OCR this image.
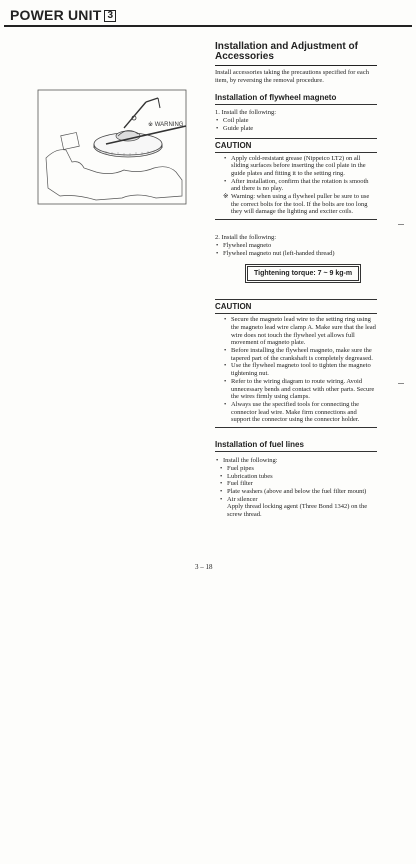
POWER UNIT 3
※ WARNING
Installation and Adjustment of Accessories

Install accessories taking the precautions specified for each item, by reversing the removal procedure.

Installation of flywheel magneto

1. Install the following:

• Coil plate
• Guide plate
CAUTION
• Apply cold-resistant grease (Nippeico LT2) on all sliding surfaces before inserting the coil plate in the guide plates and fitting it to the setting ring.
• After installation, confirm that the rotation is smooth and there is no play.
※ Warning: when using a flywheel puller be sure to use the correct bolts for the tool. If the bolts are too long they will damage the lighting and exciter coils.

2. Install the following:

• Flywheel magneto
• Flywheel magneto nut (left-handed thread)
Tightening torque: 7 ~ 9 kg-m
CAUTION
• Secure the magneto lead wire to the setting ring using the magneto lead wire clamp A. Make sure that the lead wire does not touch the flywheel yet allows full movement of magneto plate.
• Before installing the flywheel magneto, make sure the tapered part of the crankshaft is completely degreased.
• Use the flywheel magneto tool to tighten the magneto tightening nut.
• Refer to the wiring diagram to route wiring. Avoid unnecessary bends and contact with other parts. Secure the wires firmly using clamps.
• Always use the specified tools for connecting the connector lead wire. Make firm connections and support the connector using the connector holder.
Installation of fuel lines
• Install the following:
• Fuel pipes
• Lubrication tubes
• Fuel filter
• Plate washers (above and below the fuel filter mount)
• Air silencer

Apply thread locking agent (Three Bond 1342) on the screw thread.

3 – 18
